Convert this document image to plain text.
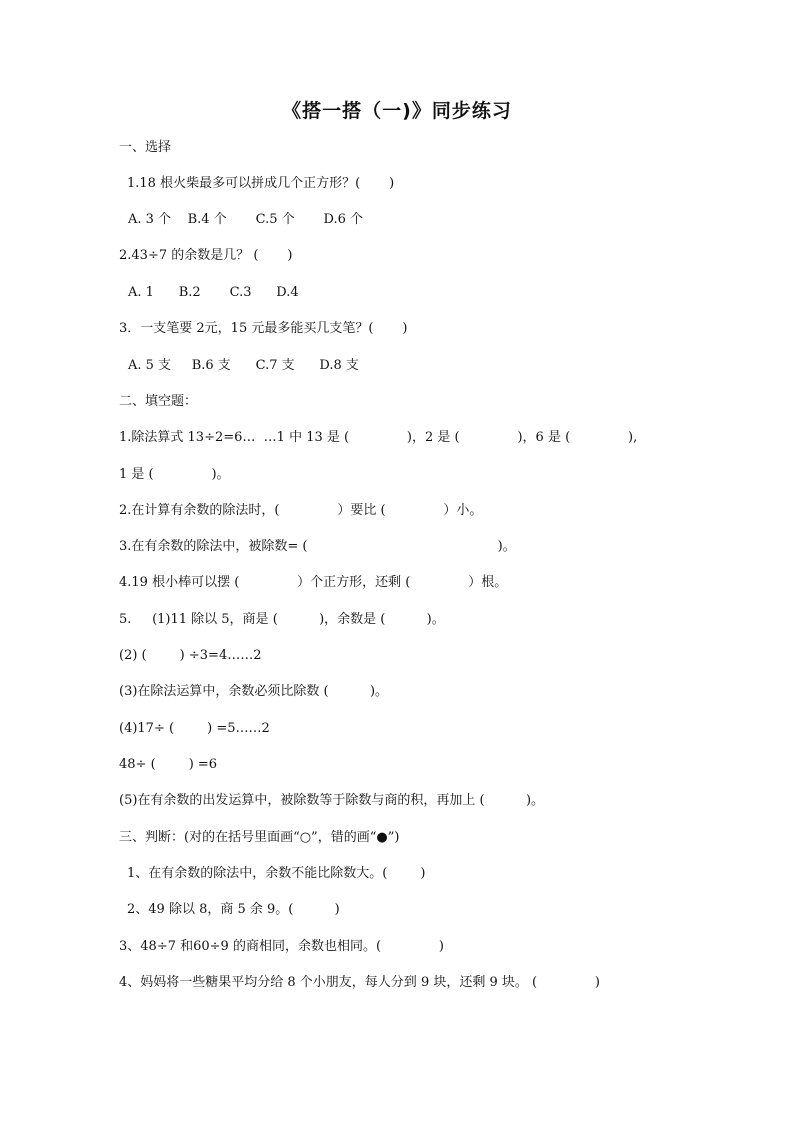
《搭一搭（一)》同步练习
一、选择
1.18 根火柴最多可以拼成几个正方形？(       )
A. 3 个    B.4 个       C.5 个       D.6 个
2.43÷7 的余数是几？ (       )
A. 1      B.2       C.3      D.4
3．一支笔要 2元，15 元最多能买几支笔？(       )
A. 5 支     B.6 支      C.7 支      D.8 支
二、填空题：
1.除法算式 13÷2=6…  …1 中 13 是 (              )，2 是 (              )，6 是 (              ),
1 是 (              )。
2.在计算有余数的除法时，(              ）要比 (              ）小。
3.在有余数的除法中，被除数= (                                              )。
4.19 根小棒可以摆 (              ）个正方形，还剩 (              ）根。
5.     (1)11 除以 5，商是 (          )，余数是 (          )。
(2) (        ) ÷3=4……2
(3)在除法运算中，余数必须比除数 (          )。
(4)17÷ (        ) =5……2
48÷ (        ) =6
(5)在有余数的出发运算中，被除数等于除数与商的积，再加上 (          )。
三、判断：(对的在括号里面画“○”，错的画“●”)
1、在有余数的除法中，余数不能比除数大。(        )
2、49 除以 8，商 5 余 9。(          )
3、48÷7 和60÷9 的商相同，余数也相同。(              )
4、妈妈将一些糖果平均分给 8 个小朋友，每人分到 9 块，还剩 9 块。 (              )
